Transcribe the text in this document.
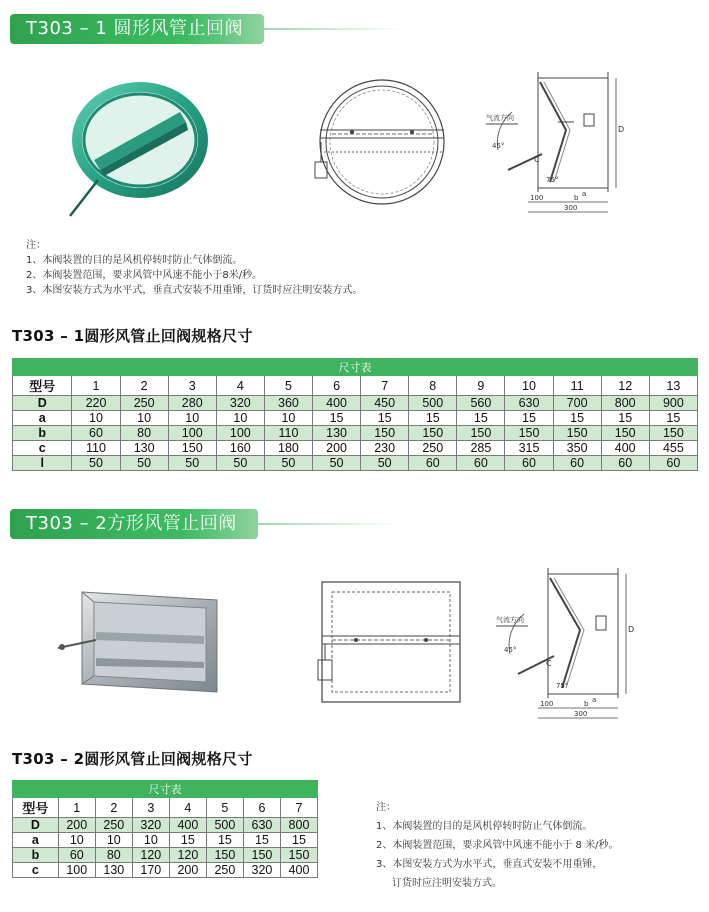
T303 – 1 圆形风管止回阀
气流方向
45°
75°
D
C
a
100
300
b
注：
1、本阀装置的目的是风机停转时防止气体倒流。
2、本阀装置范围，要求风管中风速不能小于8米/秒。
3、本图安装方式为水平式，垂直式安装不用重锤，订货时应注明安装方式。
T303 – 1圆形风管止回阀规格尺寸
尺寸表													
型号	1	2	3	4	5	6	7	8	9	10	11	12	13
D	220	250	280	320	360	400	450	500	560	630	700	800	900
a	10	10	10	10	10	15	15	15	15	15	15	15	15
b	60	80	100	100	110	130	150	150	150	150	150	150	150
c	110	130	150	160	180	200	230	250	285	315	350	400	455
l	50	50	50	50	50	50	50	60	60	60	60	60	60
T303 – 2方形风管止回阀
气流方向
45°
75°
D
C
a
100
300
b
T303 – 2圆形风管止回阀规格尺寸
尺寸表							
型号	1	2	3	4	5	6	7
D	200	250	320	400	500	630	800
a	10	10	10	15	15	15	15
b	60	80	120	120	150	150	150
c	100	130	170	200	250	320	400
注：
1、本阀装置的目的是风机停转时防止气体倒流。
2、本阀装置范围，要求风管中风速不能小于 8 米/秒。
3、本图安装方式为水平式，垂直式安装不用重锤，
订货时应注明安装方式。
